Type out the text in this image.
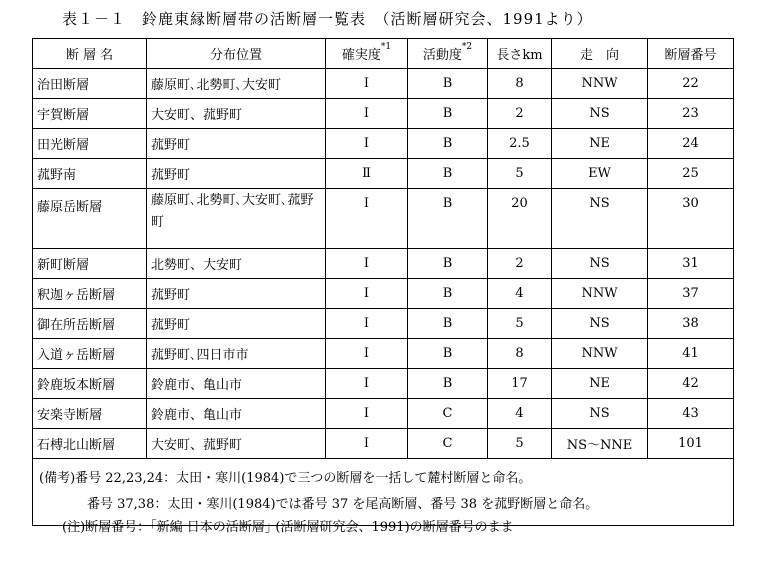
表１－１　鈴鹿東縁断層帯の活断層一覧表　（活断層研究会、1991より）
断 層 名	分布位置	確実度$^{*1}$	活動度$^{*2}$	長さkm	走　向	断層番号
治田断層	藤原町､北勢町､大安町	Ⅰ	B	8	NNW	22
宇賀断層	大安町、菰野町	Ⅰ	B	2	NS	23
田光断層	菰野町	Ⅰ	B	2.5	NE	24
菰野南	菰野町	Ⅱ	B	5	EW	25
藤原岳断層	藤原町､北勢町､大安町､菰野町	Ⅰ	B	20	NS	30
新町断層	北勢町、大安町	Ⅰ	B	2	NS	31
釈迦ヶ岳断層	菰野町	Ⅰ	B	4	NNW	37
御在所岳断層	菰野町	Ⅰ	B	5	NS	38
入道ヶ岳断層	菰野町､四日市市	Ⅰ	B	8	NNW	41
鈴鹿坂本断層	鈴鹿市、亀山市	Ⅰ	B	17	NE	42
安楽寺断層	鈴鹿市、亀山市	Ⅰ	C	4	NS	43
石榑北山断層	大安町、菰野町	Ⅰ	C	5	NS～NNE	101

(備考)番号 22,23,24：太田・寒川(1984)で三つの断層を一括して麓村断層と命名。
番号 37,38：太田・寒川(1984)では番号 37 を尾高断層、番号 38 を菰野断層と命名。						
(注)断層番号：｢新編 日本の活断層｣ (活断層研究会、1991)の断層番号のまま
